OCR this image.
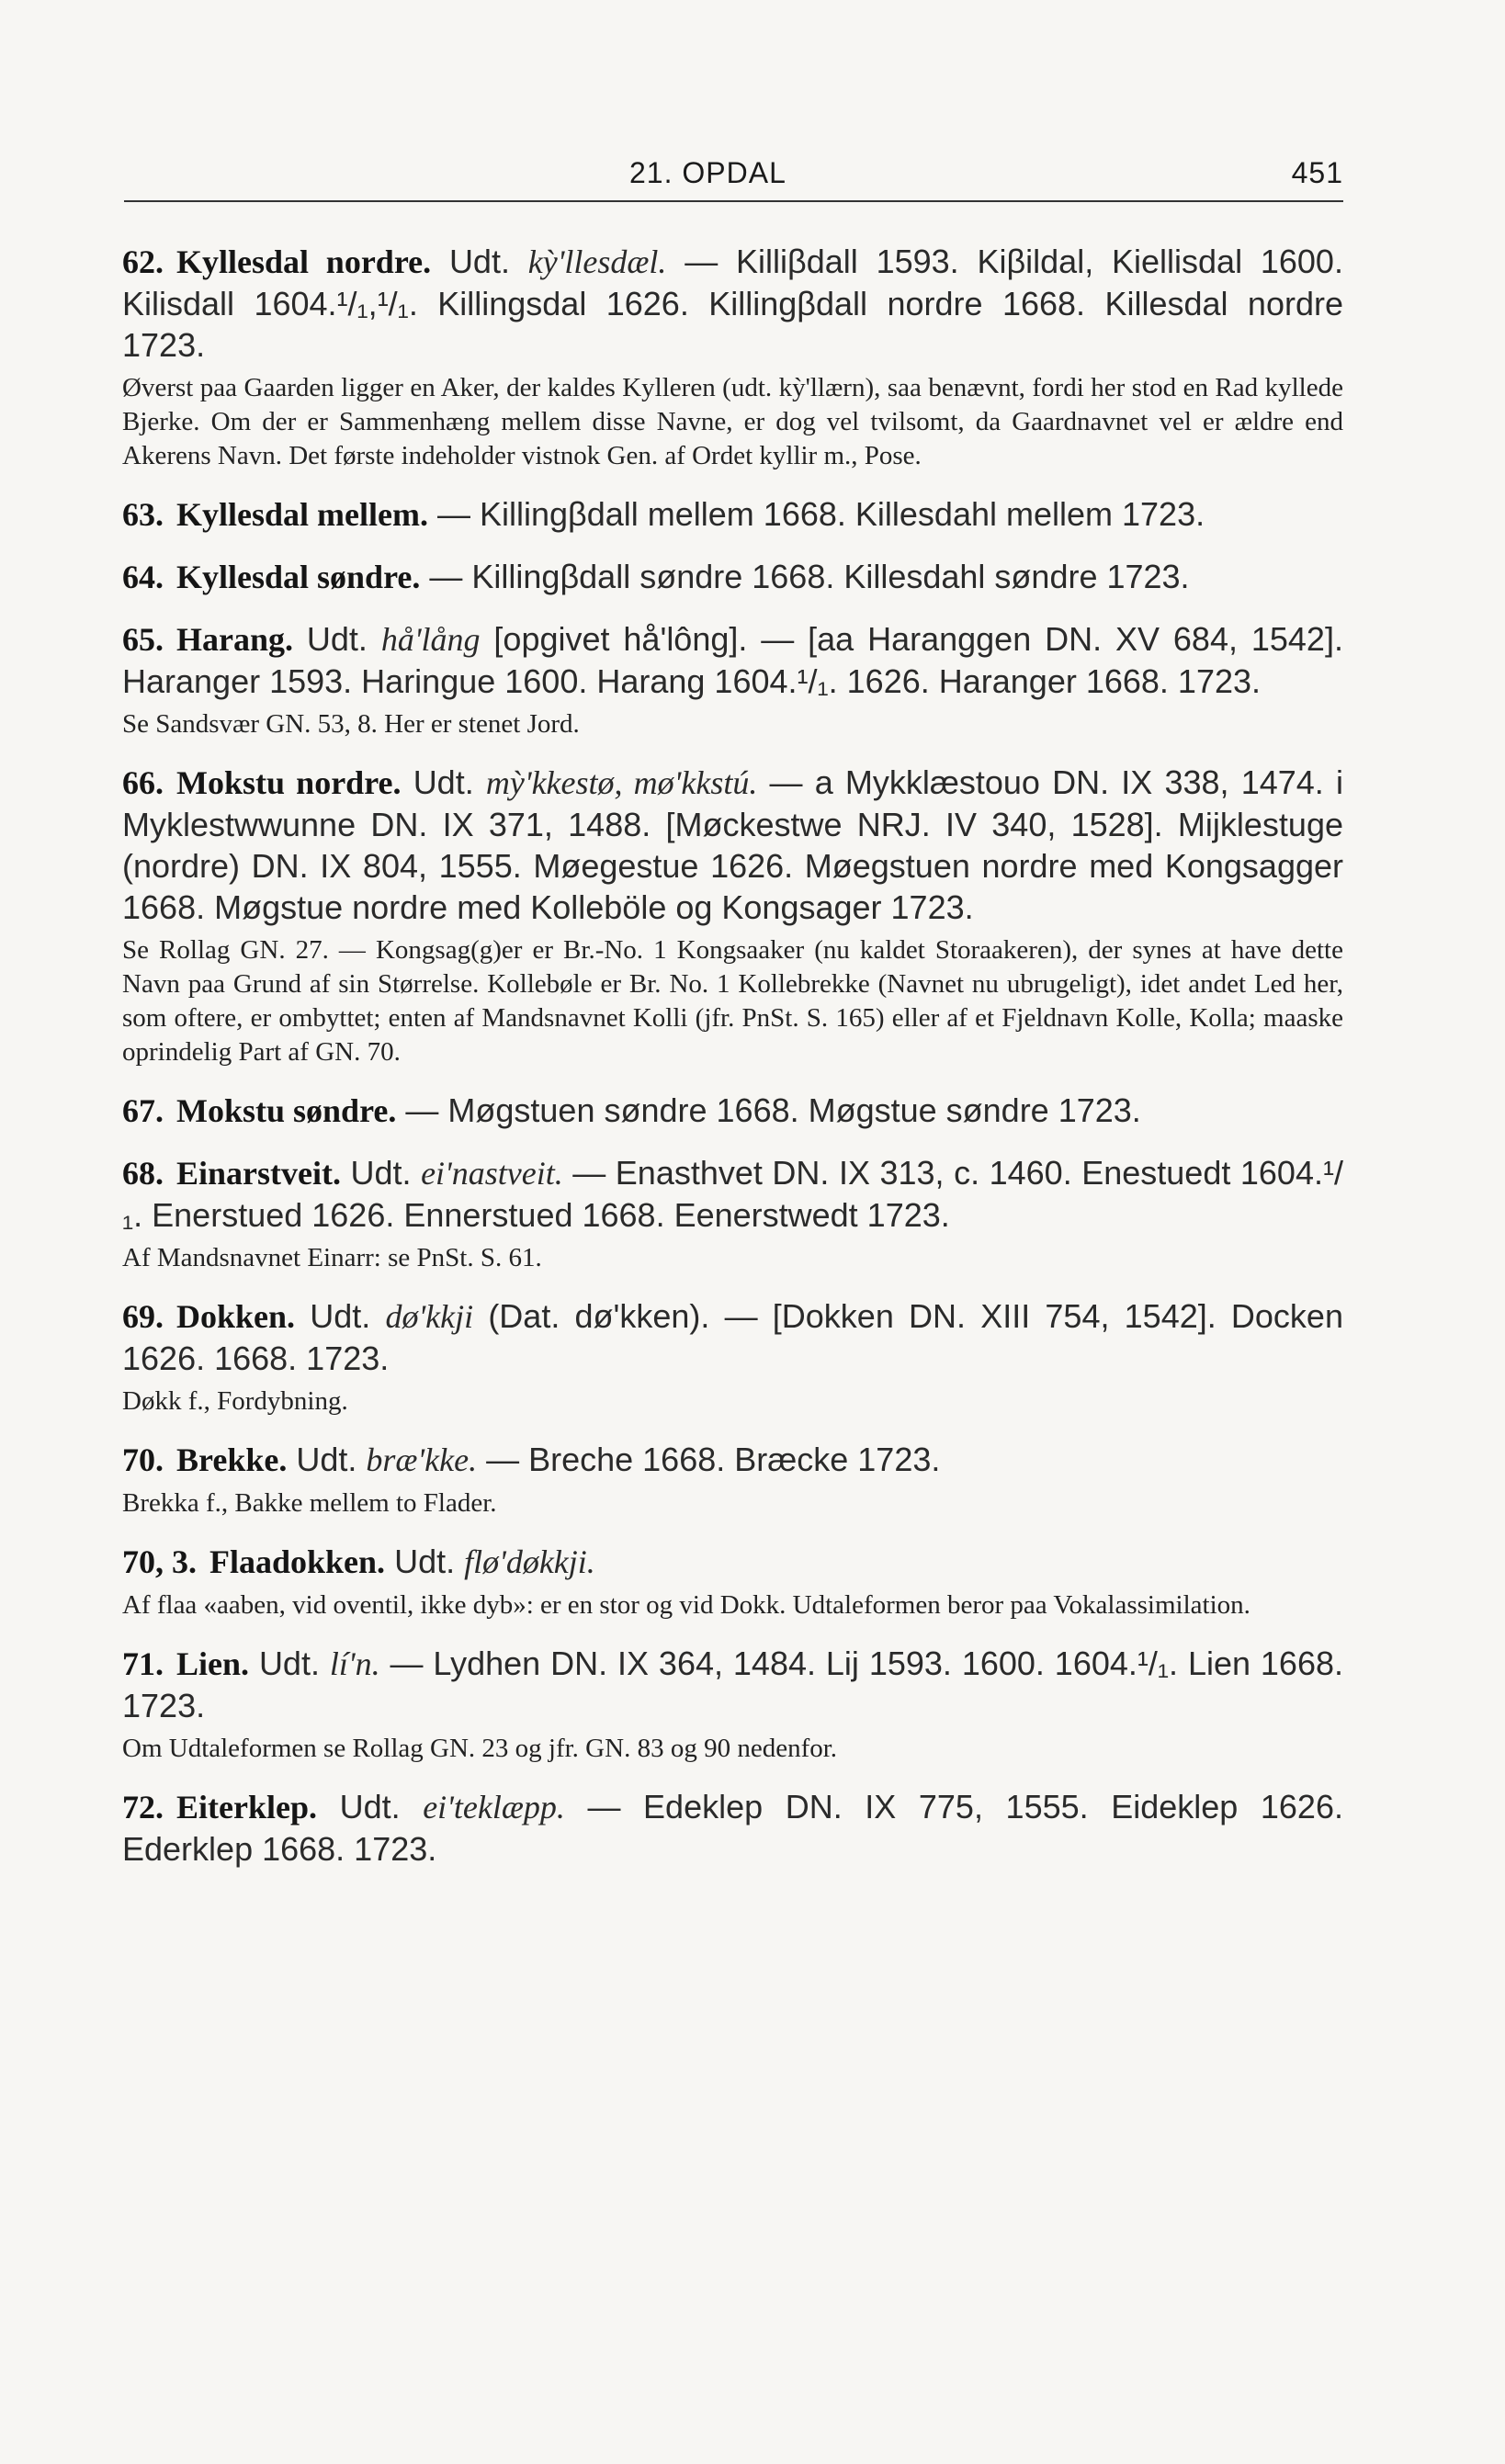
21. OPDAL	451
62. Kyllesdal nordre. Udt. kỳ'llesdæl. — Killiβdall 1593. Kiβildal, Kiellisdal 1600. Kilisdall 1604.¹/₁,¹/₁. Killingsdal 1626. Killingβdall nordre 1668. Killesdal nordre 1723.
Øverst paa Gaarden ligger en Aker, der kaldes Kylleren (udt. kỳ'llærn), saa benævnt, fordi her stod en Rad kyllede Bjerke. Om der er Sammenhæng mellem disse Navne, er dog vel tvilsomt, da Gaardnavnet vel er ældre end Akerens Navn. Det første indeholder vistnok Gen. af Ordet kyllir m., Pose.
63. Kyllesdal mellem. — Killingβdall mellem 1668. Killesdahl mellem 1723.
64. Kyllesdal søndre. — Killingβdall søndre 1668. Killesdahl søndre 1723.
65. Harang. Udt. hå'lång [opgivet hå'lông]. — [aa Haranggen DN. XV 684, 1542]. Haranger 1593. Haringue 1600. Harang 1604.¹/₁. 1626. Haranger 1668. 1723.
Se Sandsvær GN. 53, 8. Her er stenet Jord.
66. Mokstu nordre. Udt. mỳ'kkestø, mø'kkstú. — a Mykklæstouo DN. IX 338, 1474. i Myklestwwunne DN. IX 371, 1488. [Møckestwe NRJ. IV 340, 1528]. Mijklestuge (nordre) DN. IX 804, 1555. Møegestue 1626. Møegstuen nordre med Kongsagger 1668. Møgstue nordre med Kolleböle og Kongsager 1723.
Se Rollag GN. 27. — Kongsag(g)er er Br.-No. 1 Kongsaaker (nu kaldet Storaakeren), der synes at have dette Navn paa Grund af sin Størrelse. Kollebøle er Br. No. 1 Kollebrekke (Navnet nu ubrugeligt), idet andet Led her, som oftere, er ombyttet; enten af Mandsnavnet Kolli (jfr. PnSt. S. 165) eller af et Fjeldnavn Kolle, Kolla; maaske oprindelig Part af GN. 70.
67. Mokstu søndre. — Møgstuen søndre 1668. Møgstue søndre 1723.
68. Einarstveit. Udt. ei'nastveit. — Enasthvet DN. IX 313, c. 1460. Enestuedt 1604.¹/₁. Enerstued 1626. Ennerstued 1668. Eenerstwedt 1723.
Af Mandsnavnet Einarr: se PnSt. S. 61.
69. Dokken. Udt. dø'kkji (Dat. dø'kken). — [Dokken DN. XIII 754, 1542]. Docken 1626. 1668. 1723.
Døkk f., Fordybning.
70. Brekke. Udt. bræ'kke. — Breche 1668. Bræcke 1723.
Brekka f., Bakke mellem to Flader.
70, 3. Flaadokken. Udt. flø'døkkji.
Af flaa «aaben, vid oventil, ikke dyb»: er en stor og vid Dokk. Udtaleformen beror paa Vokalassimilation.
71. Lien. Udt. lí'n. — Lydhen DN. IX 364, 1484. Lij 1593. 1600. 1604.¹/₁. Lien 1668. 1723.
Om Udtaleformen se Rollag GN. 23 og jfr. GN. 83 og 90 nedenfor.
72. Eiterklep. Udt. ei'teklæpp. — Edeklep DN. IX 775, 1555. Eideklep 1626. Ederklep 1668. 1723.
